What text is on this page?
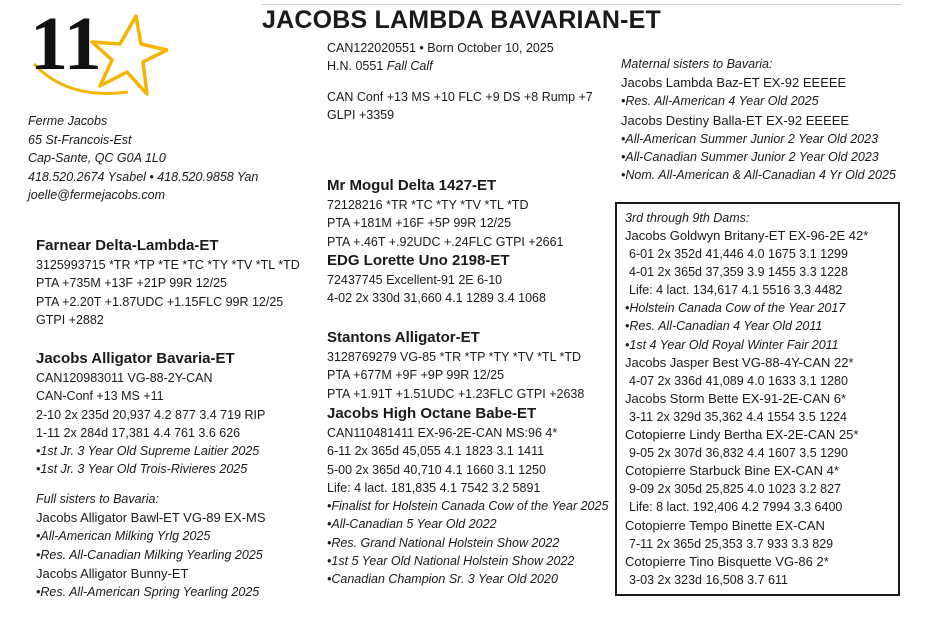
JACOBS LAMBDA BAVARIAN-ET
11
Ferme Jacobs
65 St-Francois-Est
Cap-Sante, QC G0A 1L0
418.520.2674 Ysabel • 418.520.9858 Yan
joelle@fermejacobs.com
CAN122020551 • Born October 10, 2025
H.N. 0551 Fall Calf
CAN Conf +13 MS +10 FLC +9 DS +8 Rump +7
GLPI +3359
Maternal sisters to Bavaria:
Jacobs Lambda Baz-ET EX-92 EEEEE
•Res. All-American 4 Year Old 2025
Jacobs Destiny Balla-ET EX-92 EEEEE
•All-American Summer Junior 2 Year Old 2023
•All-Canadian Summer Junior 2 Year Old 2023
•Nom. All-American & All-Canadian 4 Yr Old 2025
Farnear Delta-Lambda-ET
3125993715 *TR *TP *TE *TC *TY *TV *TL *TD
PTA +735M +13F +21P 99R 12/25
PTA +2.20T +1.87UDC +1.15FLC 99R 12/25
GTPI +2882
Jacobs Alligator Bavaria-ET
CAN120983011 VG-88-2Y-CAN
CAN-Conf +13 MS +11
2-10 2x 235d 20,937 4.2 877 3.4 719 RIP
1-11 2x 284d 17,381 4.4 761 3.6 626
•1st Jr. 3 Year Old Supreme Laitier 2025
•1st Jr. 3 Year Old Trois-Rivieres 2025
Full sisters to Bavaria:
Jacobs Alligator Bawl-ET VG-89 EX-MS
•All-American Milking Yrlg 2025
•Res. All-Canadian Milking Yearling 2025
Jacobs Alligator Bunny-ET
•Res. All-American Spring Yearling 2025
Mr Mogul Delta 1427-ET
72128216 *TR *TC *TY *TV *TL *TD
PTA +181M +16F +5P 99R 12/25
PTA +.46T +.92UDC +.24FLC GTPI +2661
EDG Lorette Uno 2198-ET
72437745 Excellent-91 2E 6-10
4-02 2x 330d 31,660 4.1 1289 3.4 1068
Stantons Alligator-ET
3128769279 VG-85 *TR *TP *TY *TV *TL *TD
PTA +677M +9F +9P 99R 12/25
PTA +1.91T +1.51UDC +1.23FLC GTPI +2638
Jacobs High Octane Babe-ET
CAN110481411 EX-96-2E-CAN MS:96 4*
6-11 2x 365d 45,055 4.1 1823 3.1 1411
5-00 2x 365d 40,710 4.1 1660 3.1 1250
Life: 4 lact. 181,835 4.1 7542 3.2 5891
•Finalist for Holstein Canada Cow of the Year 2025
•All-Canadian 5 Year Old 2022
•Res. Grand National Holstein Show 2022
•1st 5 Year Old National Holstein Show 2022
•Canadian Champion Sr. 3 Year Old 2020
3rd through 9th Dams:
Jacobs Goldwyn Britany-ET EX-96-2E 42*
6-01 2x 352d 41,446 4.0 1675 3.1 1299
4-01 2x 365d 37,359 3.9 1455 3.3 1228
Life: 4 lact. 134,617 4.1 5516 3.3 4482
•Holstein Canada Cow of the Year 2017
•Res. All-Canadian 4 Year Old 2011
•1st 4 Year Old Royal Winter Fair 2011
Jacobs Jasper Best VG-88-4Y-CAN 22*
4-07 2x 336d 41,089 4.0 1633 3.1 1280
Jacobs Storm Bette EX-91-2E-CAN 6*
3-11 2x 329d 35,362 4.4 1554 3.5 1224
Cotopierre Lindy Bertha EX-2E-CAN 25*
9-05 2x 307d 36,832 4.4 1607 3.5 1290
Cotopierre Starbuck Bine EX-CAN 4*
9-09 2x 305d 25,825 4.0 1023 3.2 827
Life: 8 lact. 192,406 4.2 7994 3.3 6400
Cotopierre Tempo Binette EX-CAN
7-11 2x 365d 25,353 3.7 933 3.3 829
Cotopierre Tino Bisquette VG-86 2*
3-03 2x 323d 16,508 3.7 611
